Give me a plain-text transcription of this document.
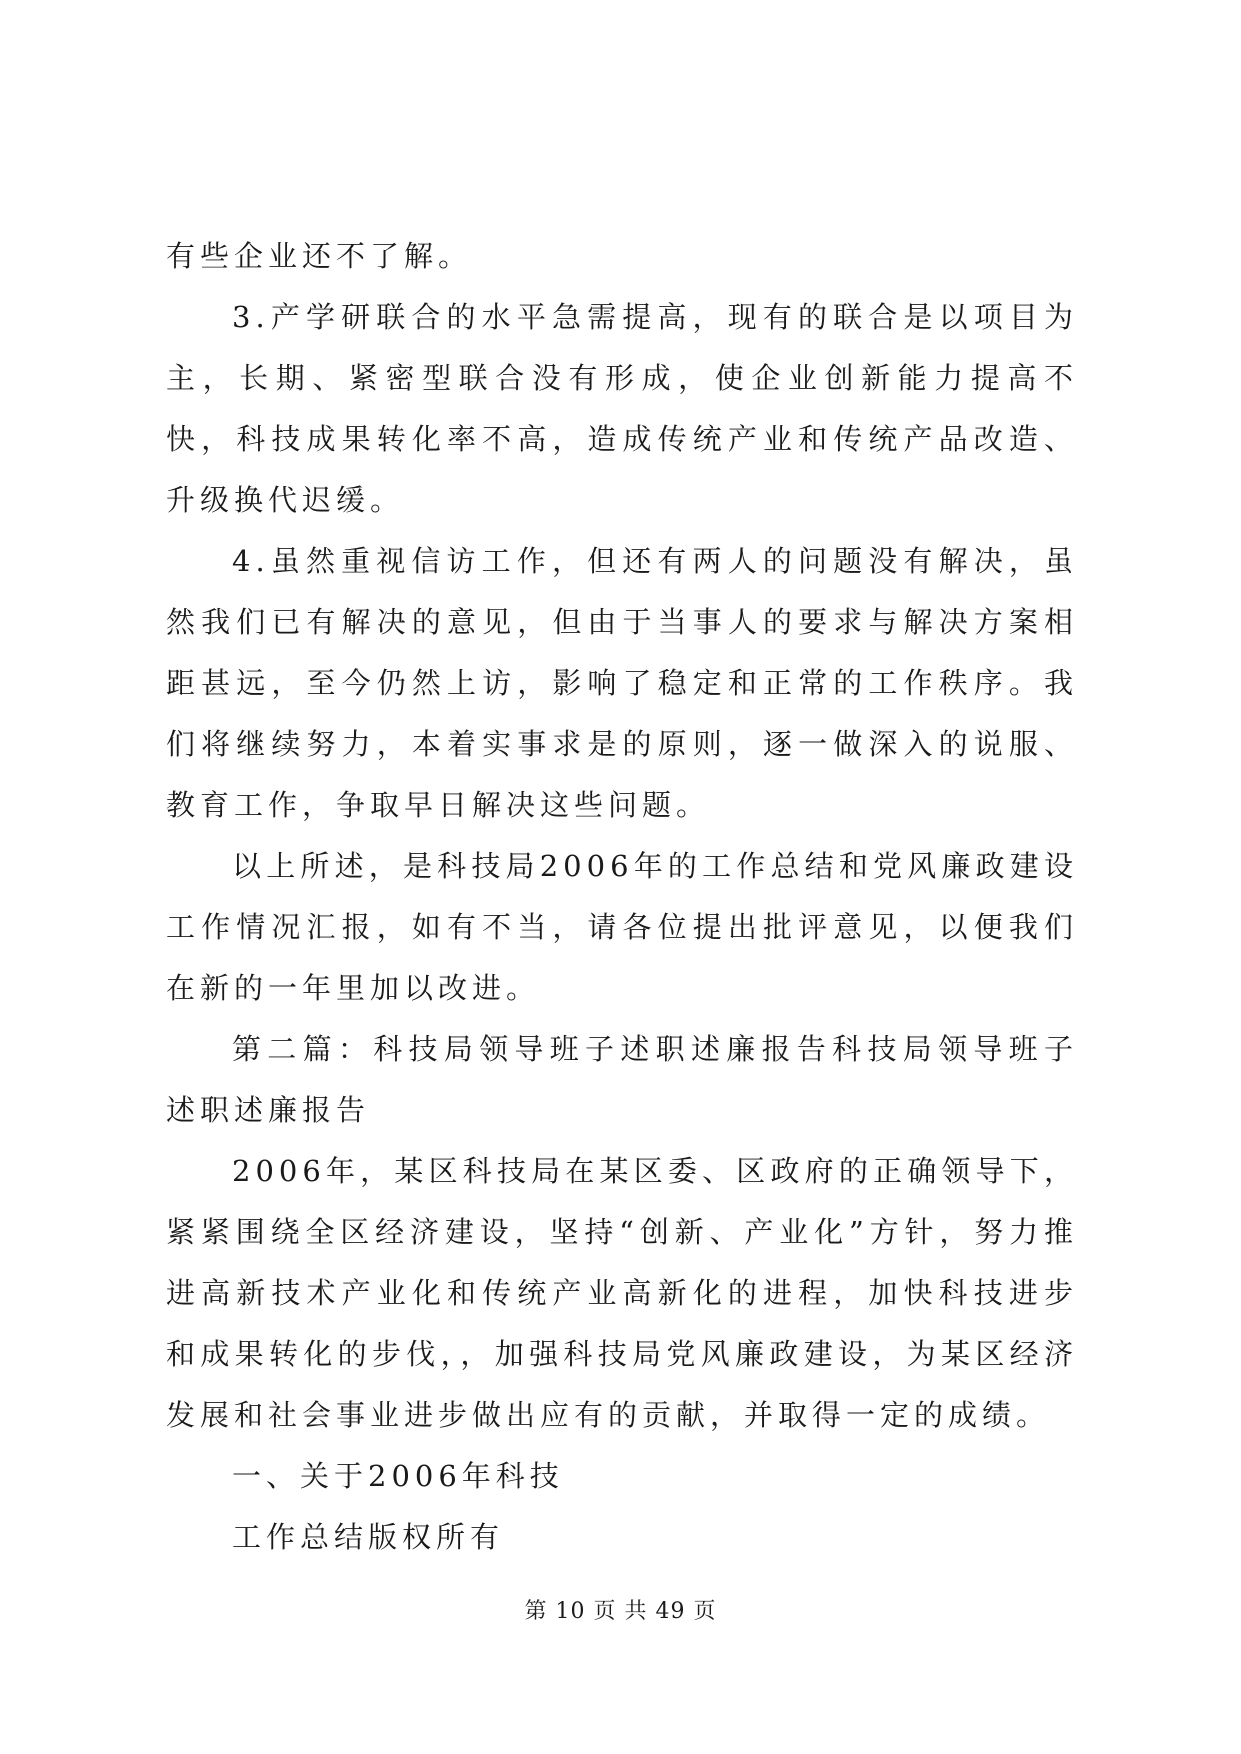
有些企业还不了解。

3.产学研联合的水平急需提高，现有的联合是以项目为主，长期、紧密型联合没有形成，使企业创新能力提高不快，科技成果转化率不高，造成传统产业和传统产品改造、升级换代迟缓。

4.虽然重视信访工作，但还有两人的问题没有解决，虽然我们已有解决的意见，但由于当事人的要求与解决方案相距甚远，至今仍然上访，影响了稳定和正常的工作秩序。我们将继续努力，本着实事求是的原则，逐一做深入的说服、教育工作，争取早日解决这些问题。

以上所述，是科技局2006年的工作总结和党风廉政建设工作情况汇报，如有不当，请各位提出批评意见，以便我们在新的一年里加以改进。

第二篇：科技局领导班子述职述廉报告科技局领导班子述职述廉报告

2006年，某区科技局在某区委、区政府的正确领导下，紧紧围绕全区经济建设，坚持“创新、产业化”方针，努力推进高新技术产业化和传统产业高新化的进程，加快科技进步和成果转化的步伐，，加强科技局党风廉政建设，为某区经济发展和社会事业进步做出应有的贡献，并取得一定的成绩。

一、关于2006年科技

工作总结版权所有

第 10 页 共 49 页
